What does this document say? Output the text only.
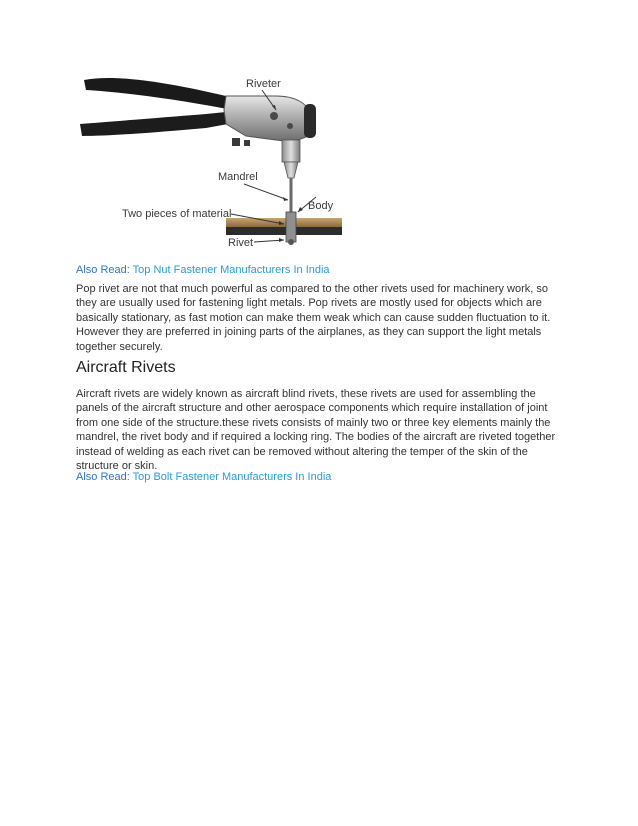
Riveter
Mandrel
Body
Two pieces of material
Rivet
Also Read: Top Nut Fastener Manufacturers In India

Pop rivet are not that much powerful as compared to the other rivets used for machinery work, so they are usually used for fastening light metals. Pop rivets are mostly used for objects which are basically stationary, as fast motion can make them weak which can cause sudden fluctuation to it. However they are preferred in joining parts of the airplanes, as they can support the light metals together securely.

Aircraft Rivets

Aircraft rivets are widely known as aircraft blind rivets, these rivets are used for assembling the panels of the aircraft structure and other aerospace components which require installation of joint from one side of the structure.these rivets consists of mainly two or three key elements mainly the mandrel, the rivet body and if required a locking ring. The bodies of the aircraft are riveted together instead of welding as each rivet can be removed without altering the temper of the skin of the structure or skin.

Also Read: Top Bolt Fastener Manufacturers In India
